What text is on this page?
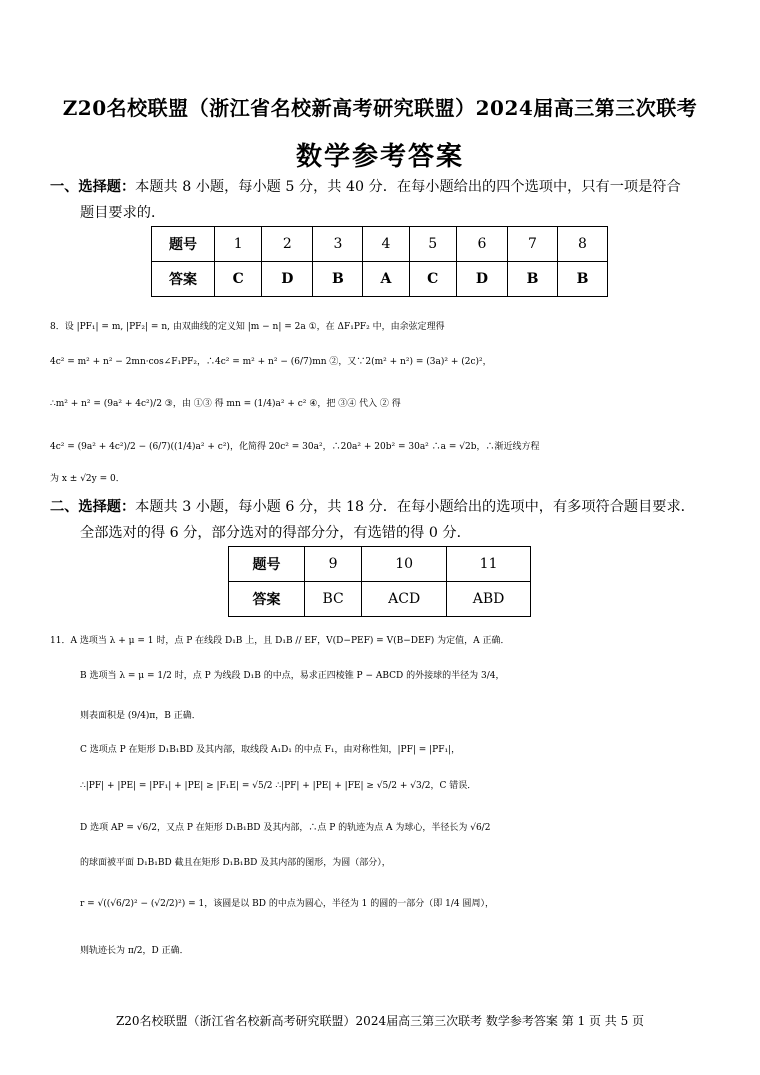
Z20名校联盟（浙江省名校新高考研究联盟）2024届高三第三次联考
数学参考答案
一、选择题：本题共 8 小题，每小题 5 分，共 40 分．在每小题给出的四个选项中，只有一项是符合
题目要求的．
题号	1	2	3	4	5	6	7	8
答案	C	D	B	A	C	D	B	B
8．设 |PF₁| = m, |PF₂| = n, 由双曲线的定义知 |m − n| = 2a ①，在 ΔF₁PF₂ 中，由余弦定理得
4c² = m² + n² − 2mn·cos∠F₁PF₂，∴4c² = m² + n² − (6/7)mn ②，又∵2(m² + n²) = (3a)² + (2c)²，
∴m² + n² = (9a² + 4c²)/2 ③，由 ①③ 得 mn = (1/4)a² + c² ④，把 ③④ 代入 ② 得
4c² = (9a² + 4c²)/2 − (6/7)((1/4)a² + c²)，化简得 20c² = 30a²，∴20a² + 20b² = 30a² ∴a = √2b，∴渐近线方程
为 x ± √2y = 0．
二、选择题：本题共 3 小题，每小题 6 分，共 18 分．在每小题给出的选项中，有多项符合题目要求．
全部选对的得 6 分，部分选对的得部分分，有选错的得 0 分．
题号	9	10	11
答案	BC	ACD	ABD
11．A 选项当 λ + μ = 1 时，点 P 在线段 D₁B 上，且 D₁B // EF，V(D−PEF) = V(B−DEF) 为定值，A 正确．
B 选项当 λ = μ = 1/2 时，点 P 为线段 D₁B 的中点，易求正四棱锥 P − ABCD 的外接球的半径为 3/4，
则表面积是 (9/4)π，B 正确．
C 选项点 P 在矩形 D₁B₁BD 及其内部，取线段 A₁D₁ 的中点 F₁，由对称性知，|PF| = |PF₁|，
∴|PF| + |PE| = |PF₁| + |PE| ≥ |F₁E| = √5/2 ∴|PF| + |PE| + |FE| ≥ √5/2 + √3/2，C 错误．
D 选项 AP = √6/2，又点 P 在矩形 D₁B₁BD 及其内部，∴点 P 的轨迹为点 A 为球心，半径长为 √6/2
的球面被平面 D₁B₁BD 截且在矩形 D₁B₁BD 及其内部的图形，为圆（部分），
r = √((√6/2)² − (√2/2)²) = 1，该圆是以 BD 的中点为圆心，半径为 1 的圆的一部分（即 1/4 圆周），
则轨迹长为 π/2，D 正确．
Z20名校联盟（浙江省名校新高考研究联盟）2024届高三第三次联考 数学参考答案 第 1 页 共 5 页
